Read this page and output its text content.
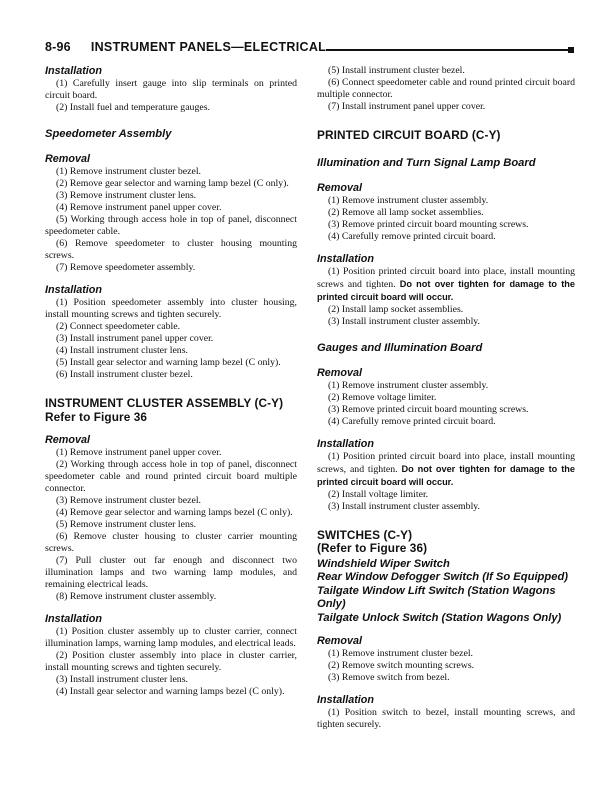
8-96 INSTRUMENT PANELS—ELECTRICAL
Installation

(1) Carefully insert gauge into slip terminals on printed circuit board.

(2) Install fuel and temperature gauges.

Speedometer Assembly
Removal

(1) Remove instrument cluster bezel.

(2) Remove gear selector and warning lamp bezel (C only).

(3) Remove instrument cluster lens.

(4) Remove instrument panel upper cover.

(5) Working through access hole in top of panel, disconnect speedometer cable.

(6) Remove speedometer to cluster housing mounting screws.

(7) Remove speedometer assembly.

Installation

(1) Position speedometer assembly into cluster housing, install mounting screws and tighten securely.

(2) Connect speedometer cable.

(3) Install instrument panel upper cover.

(4) Install instrument cluster lens.

(5) Install gear selector and warning lamp bezel (C only).

(6) Install instrument cluster bezel.

INSTRUMENT CLUSTER ASSEMBLY (C-Y)
Refer to Figure 36
Removal

(1) Remove instrument panel upper cover.

(2) Working through access hole in top of panel, disconnect speedometer cable and round printed circuit board multiple connector.

(3) Remove instrument cluster bezel.

(4) Remove gear selector and warning lamps bezel (C only).

(5) Remove instrument cluster lens.

(6) Remove cluster housing to cluster carrier mounting screws.

(7) Pull cluster out far enough and disconnect two illumination lamps and two warning lamp modules, and remaining electrical leads.

(8) Remove instrument cluster assembly.

Installation

(1) Position cluster assembly up to cluster carrier, connect illumination lamps, warning lamp modules, and electrical leads.

(2) Position cluster assembly into place in cluster carrier, install mounting screws and tighten securely.

(3) Install instrument cluster lens.

(4) Install gear selector and warning lamps bezel (C only).

(5) Install instrument cluster bezel.

(6) Connect speedometer cable and round printed circuit board multiple connector.

(7) Install instrument panel upper cover.

PRINTED CIRCUIT BOARD (C-Y)
Illumination and Turn Signal Lamp Board
Removal

(1) Remove instrument cluster assembly.

(2) Remove all lamp socket assemblies.

(3) Remove printed circuit board mounting screws.

(4) Carefully remove printed circuit board.

Installation

(1) Position printed circuit board into place, install mounting screws and tighten. Do not over tighten for damage to the printed circuit board will occur.

(2) Install lamp socket assemblies.

(3) Install instrument cluster assembly.

Gauges and Illumination Board
Removal

(1) Remove instrument cluster assembly.

(2) Remove voltage limiter.

(3) Remove printed circuit board mounting screws.

(4) Carefully remove printed circuit board.

Installation

(1) Position printed circuit board into place, install mounting screws, and tighten. Do not over tighten for damage to the printed circuit board will occur.

(2) Install voltage limiter.

(3) Install instrument cluster assembly.

SWITCHES (C-Y)
(Refer to Figure 36)
Windshield Wiper Switch
Rear Window Defogger Switch (If So Equipped)
Tailgate Window Lift Switch (Station Wagons Only)
Tailgate Unlock Switch (Station Wagons Only)
Removal

(1) Remove instrument cluster bezel.

(2) Remove switch mounting screws.

(3) Remove switch from bezel.

Installation

(1) Position switch to bezel, install mounting screws, and tighten securely.
